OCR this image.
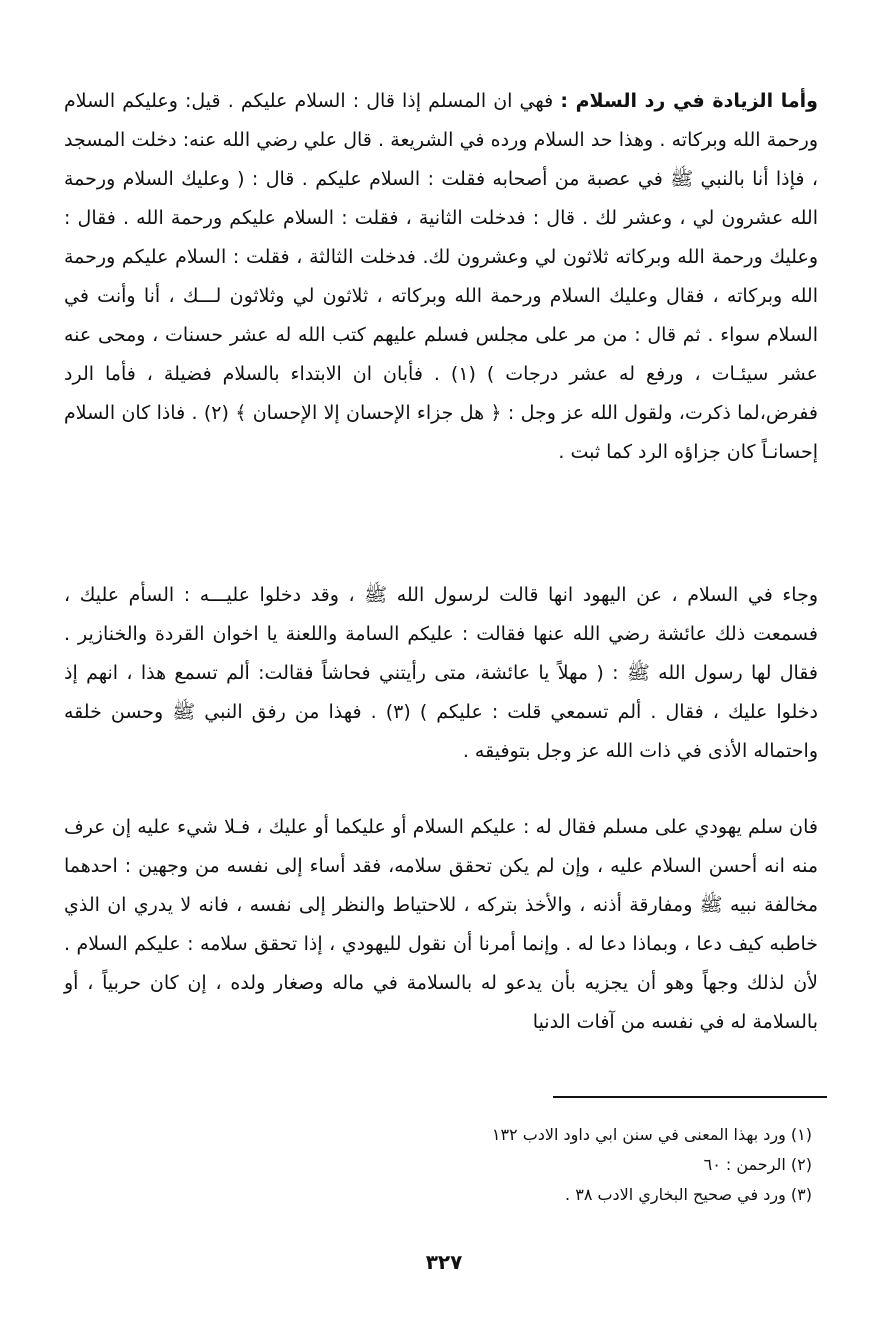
وأما الزيادة في رد السلام : فهي ان المسلم إذا قال : السلام عليكم . قيل: وعليكم السلام ورحمة الله وبركاته . وهذا حد السلام ورده في الشريعة . قال علي رضي الله عنه: دخلت المسجد ، فإذا أنا بالنبي ﷺ في عصبة من أصحابه فقلت : السلام عليكم . قال : ( وعليك السلام ورحمة الله عشرون لي ، وعشر لك . قال : فدخلت الثانية ، فقلت : السلام عليكم ورحمة الله . فقال : وعليك ورحمة الله وبركاته ثلاثون لي وعشرون لك. فدخلت الثالثة ، فقلت : السلام عليكم ورحمة الله وبركاته ، فقال وعليك السلام ورحمة الله وبركاته ، ثلاثون لي وثلاثون لـــك ، أنا وأنت في السلام سواء . ثم قال : من مر على مجلس فسلم عليهم كتب الله له عشر حسنات ، ومحى عنه عشر سيئـات ، ورفع له عشر درجات ) (١) . فأبان ان الابتداء بالسلام فضيلة ، فأما الرد ففرض،لما ذكرت، ولقول الله عز وجل : ﴿ هل جزاء الإحسان إلا الإحسان ﴾ (٢) . فاذا كان السلام إحسانـاً كان جزاؤه الرد كما ثبت .

وجاء في السلام ، عن اليهود انها قالت لرسول الله ﷺ ، وقد دخلوا عليـــه : السأم عليك ، فسمعت ذلك عائشة رضي الله عنها فقالت : عليكم السامة واللعنة يا اخوان القردة والخنازير . فقال لها رسول الله ﷺ : ( مهلاً يا عائشة، متى رأيتني فحاشاً فقالت: ألم تسمع هذا ، انهم إذ دخلوا عليك ، فقال . ألم تسمعي قلت : عليكم ) (٣) . فهذا من رفق النبي ﷺ وحسن خلقه واحتماله الأذى في ذات الله عز وجل بتوفيقه .

فان سلم يهودي على مسلم فقال له : عليكم السلام أو عليكما أو عليك ، فـلا شيء عليه إن عرف منه انه أحسن السلام عليه ، وإن لم يكن تحقق سلامه، فقد أساء إلى نفسه من وجهين : احدهما مخالفة نبيه ﷺ ومفارقة أذنه ، والأخذ بتركه ، للاحتياط والنظر إلى نفسه ، فانه لا يدري ان الذي خاطبه كيف دعا ، وبماذا دعا له . وإنما أمرنا أن نقول لليهودي ، إذا تحقق سلامه : عليكم السلام . لأن لذلك وجهاً وهو أن يجزيه بأن يدعو له بالسلامة في ماله وصغار ولده ، إن كان حربياً ، أو بالسلامة له في نفسه من آفات الدنيا

(١) ورد بهذا المعنى في سنن ابي داود الادب ١٣٢
(٢) الرحمن : ٦٠
(٣) ورد في صحيح البخاري الادب ٣٨ .
٣٢٧
